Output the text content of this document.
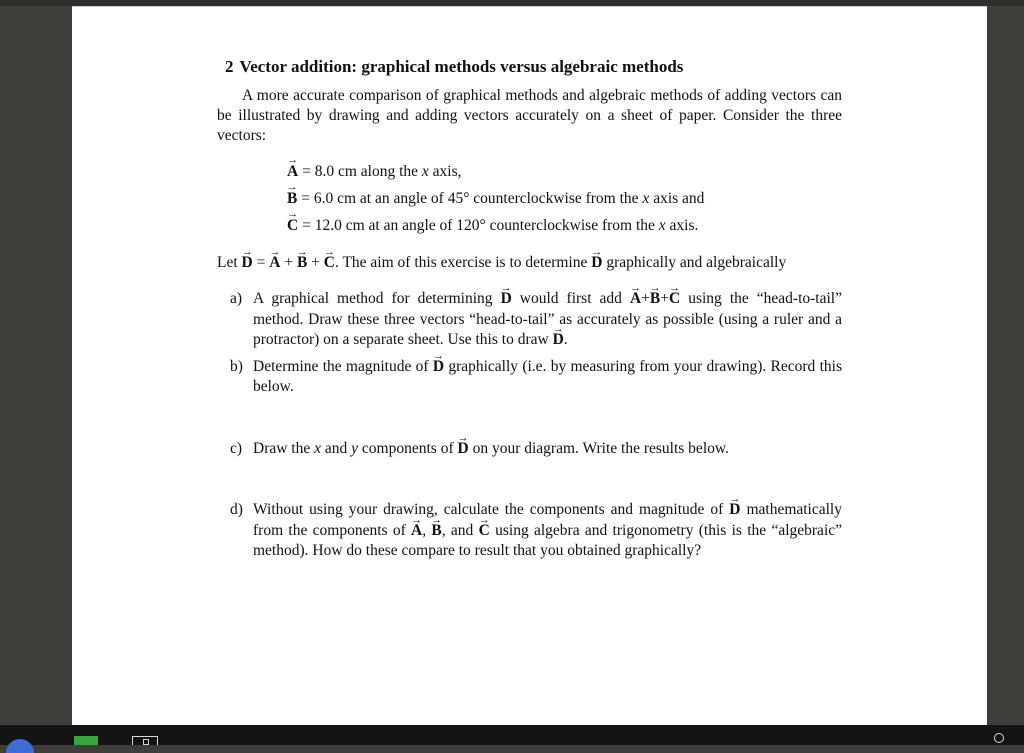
2 Vector addition: graphical methods versus algebraic methods

A more accurate comparison of graphical methods and algebraic methods of adding vectors can be illustrated by drawing and adding vectors accurately on a sheet of paper. Consider the three vectors:

→ A = 8.0 cm along the x axis,
→ B = 6.0 cm at an angle of 45° counterclockwise from the x axis and
→ C = 12.0 cm at an angle of 120° counterclockwise from the x axis.

Let → D = → A + → B + → C. The aim of this exercise is to determine → D graphically and algebraically

a) A graphical method for determining → D would first add → A+→ B+→ C using the “head-to-tail” method. Draw these three vectors “head-to-tail” as accurately as possible (using a ruler and a protractor) on a separate sheet. Use this to draw → D.
b) Determine the magnitude of → D graphically (i.e. by measuring from your drawing). Record this below.
c) Draw the x and y components of → D on your diagram. Write the results below.
d) Without using your drawing, calculate the components and magnitude of → D mathematically from the components of → A, → B, and → C using algebra and trigonometry (this is the “algebraic” method). How do these compare to result that you obtained graphically?
